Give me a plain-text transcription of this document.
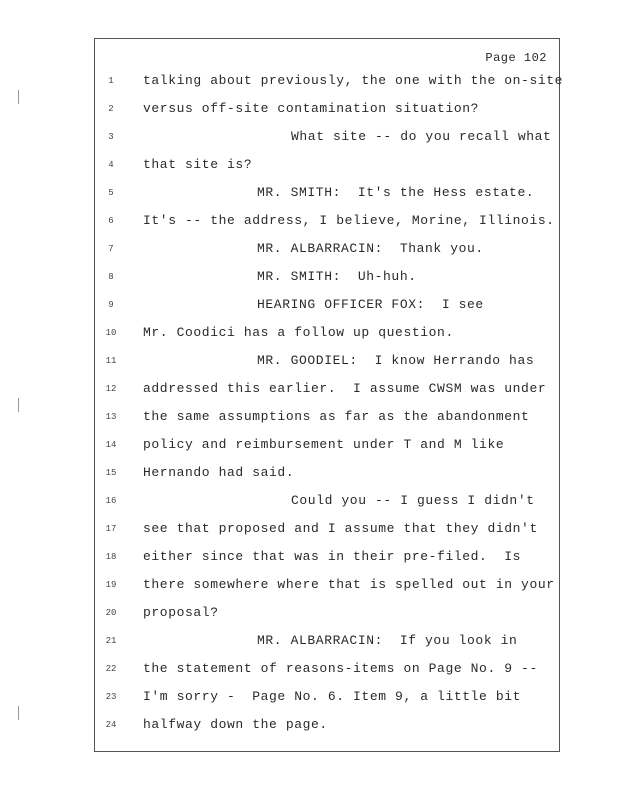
Page 102
1	talking about previously, the one with the on-site
2	versus off-site contamination situation?
3	What site -- do you recall what
4	that site is?
5	MR. SMITH:  It's the Hess estate.
6	It's -- the address, I believe, Morine, Illinois.
7	MR. ALBARRACIN:  Thank you.
8	MR. SMITH:  Uh-huh.
9	HEARING OFFICER FOX:  I see
10 Mr. Coodici has a follow up question.
11	MR. GOODIEL:  I know Herrando has
12 addressed this earlier.  I assume CWSM was under
13 the same assumptions as far as the abandonment
14 policy and reimbursement under T and M like
15 Hernando had said.
16	Could you -- I guess I didn't
17 see that proposed and I assume that they didn't
18 either since that was in their pre-filed.  Is
19 there somewhere where that is spelled out in your
20 proposal?
21	MR. ALBARRACIN:  If you look in
22 the statement of reasons-items on Page No. 9 --
23 I'm sorry -  Page No. 6. Item 9, a little bit
24 halfway down the page.
